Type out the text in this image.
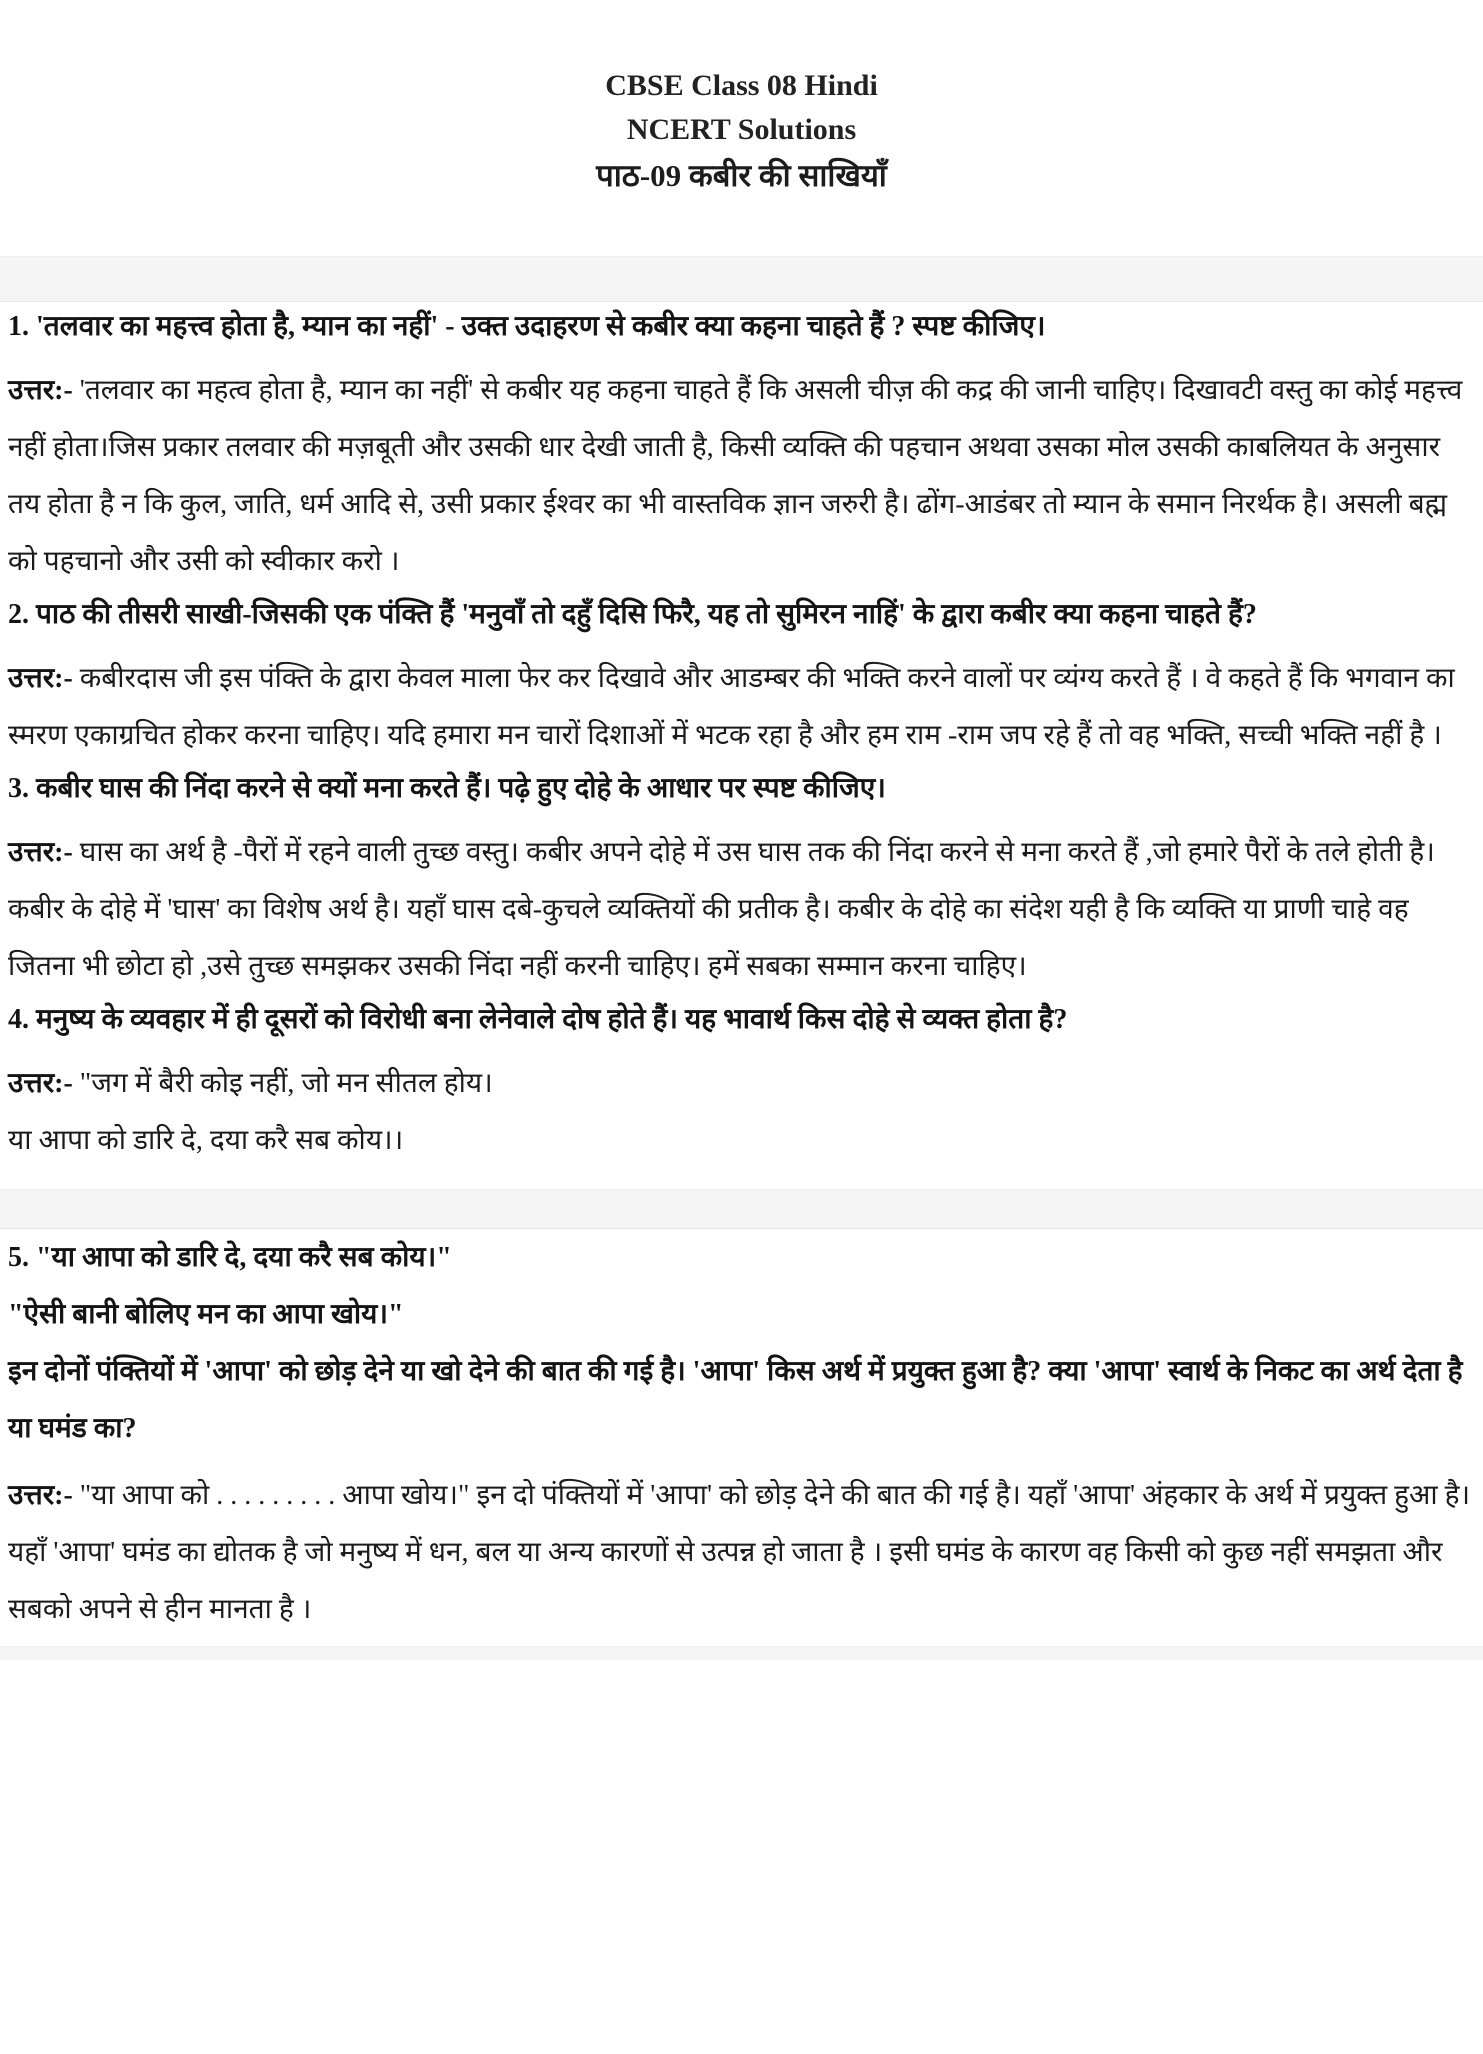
CBSE Class 08 Hindi

NCERT Solutions

पाठ-09 कबीर की साखियाँ

1. 'तलवार का महत्त्व होता है, म्यान का नहीं' - उक्त उदाहरण से कबीर क्या कहना चाहते हैं ? स्पष्ट कीजिए।

उत्तर:- 'तलवार का महत्व होता है, म्यान का नहीं' से कबीर यह कहना चाहते हैं कि असली चीज़ की कद्र की जानी चाहिए। दिखावटी वस्तु का कोई महत्त्व नहीं होता।जिस प्रकार तलवार की मज़बूती और उसकी धार देखी जाती है, किसी व्यक्ति की पहचान अथवा उसका मोल उसकी काबलियत के अनुसार तय होता है न कि कुल, जाति, धर्म आदि से, उसी प्रकार ईश्वर का भी वास्तविक ज्ञान जरुरी है। ढोंग-आडंबर तो म्यान के समान निरर्थक है। असली बह्म को पहचानो और उसी को स्वीकार करो ।

2. पाठ की तीसरी साखी-जिसकी एक पंक्ति हैं 'मनुवाँ तो दहुँ दिसि फिरै, यह तो सुमिरन नाहिं' के द्वारा कबीर क्या कहना चाहते हैं?

उत्तर:- कबीरदास जी इस पंक्ति के द्वारा केवल माला फेर कर दिखावे और आडम्बर की भक्ति करने वालों पर व्यंग्य करते हैं । वे कहते हैं कि भगवान का स्मरण एकाग्रचित होकर करना चाहिए। यदि हमारा मन चारों दिशाओं में भटक रहा है और हम राम -राम जप रहे हैं तो वह भक्ति, सच्ची भक्ति नहीं है ।

3. कबीर घास की निंदा करने से क्यों मना करते हैं। पढ़े हुए दोहे के आधार पर स्पष्ट कीजिए।

उत्तर:- घास का अर्थ है -पैरों में रहने वाली तुच्छ वस्तु। कबीर अपने दोहे में उस घास तक की निंदा करने से मना करते हैं ,जो हमारे पैरों के तले होती है। कबीर के दोहे में 'घास' का विशेष अर्थ है। यहाँ घास दबे-कुचले व्यक्तियों की प्रतीक है। कबीर के दोहे का संदेश यही है कि व्यक्ति या प्राणी चाहे वह जितना भी छोटा हो ,उसे तुच्छ समझकर उसकी निंदा नहीं करनी चाहिए। हमें सबका सम्मान करना चाहिए।

4. मनुष्य के व्यवहार में ही दूसरों को विरोधी बना लेनेवाले दोष होते हैं। यह भावार्थ किस दोहे से व्यक्त होता है?

उत्तर:- "जग में बैरी कोइ नहीं, जो मन सीतल होय।

या आपा को डारि दे, दया करै सब कोय।।

5. "या आपा को डारि दे, दया करै सब कोय।"

"ऐसी बानी बोलिए मन का आपा खोय।"

इन दोनों पंक्तियों में 'आपा' को छोड़ देने या खो देने की बात की गई है। 'आपा' किस अर्थ में प्रयुक्त हुआ है? क्या 'आपा' स्वार्थ के निकट का अर्थ देता है या घमंड का?

उत्तर:- "या आपा को . . . . . . . . . आपा खोय।" इन दो पंक्तियों में 'आपा' को छोड़ देने की बात की गई है। यहाँ 'आपा' अंहकार के अर्थ में प्रयुक्त हुआ है। यहाँ 'आपा' घमंड का द्योतक है जो मनुष्य में धन, बल या अन्य कारणों से उत्पन्न हो जाता है । इसी घमंड के कारण वह किसी को कुछ नहीं समझता और सबको अपने से हीन मानता है ।
